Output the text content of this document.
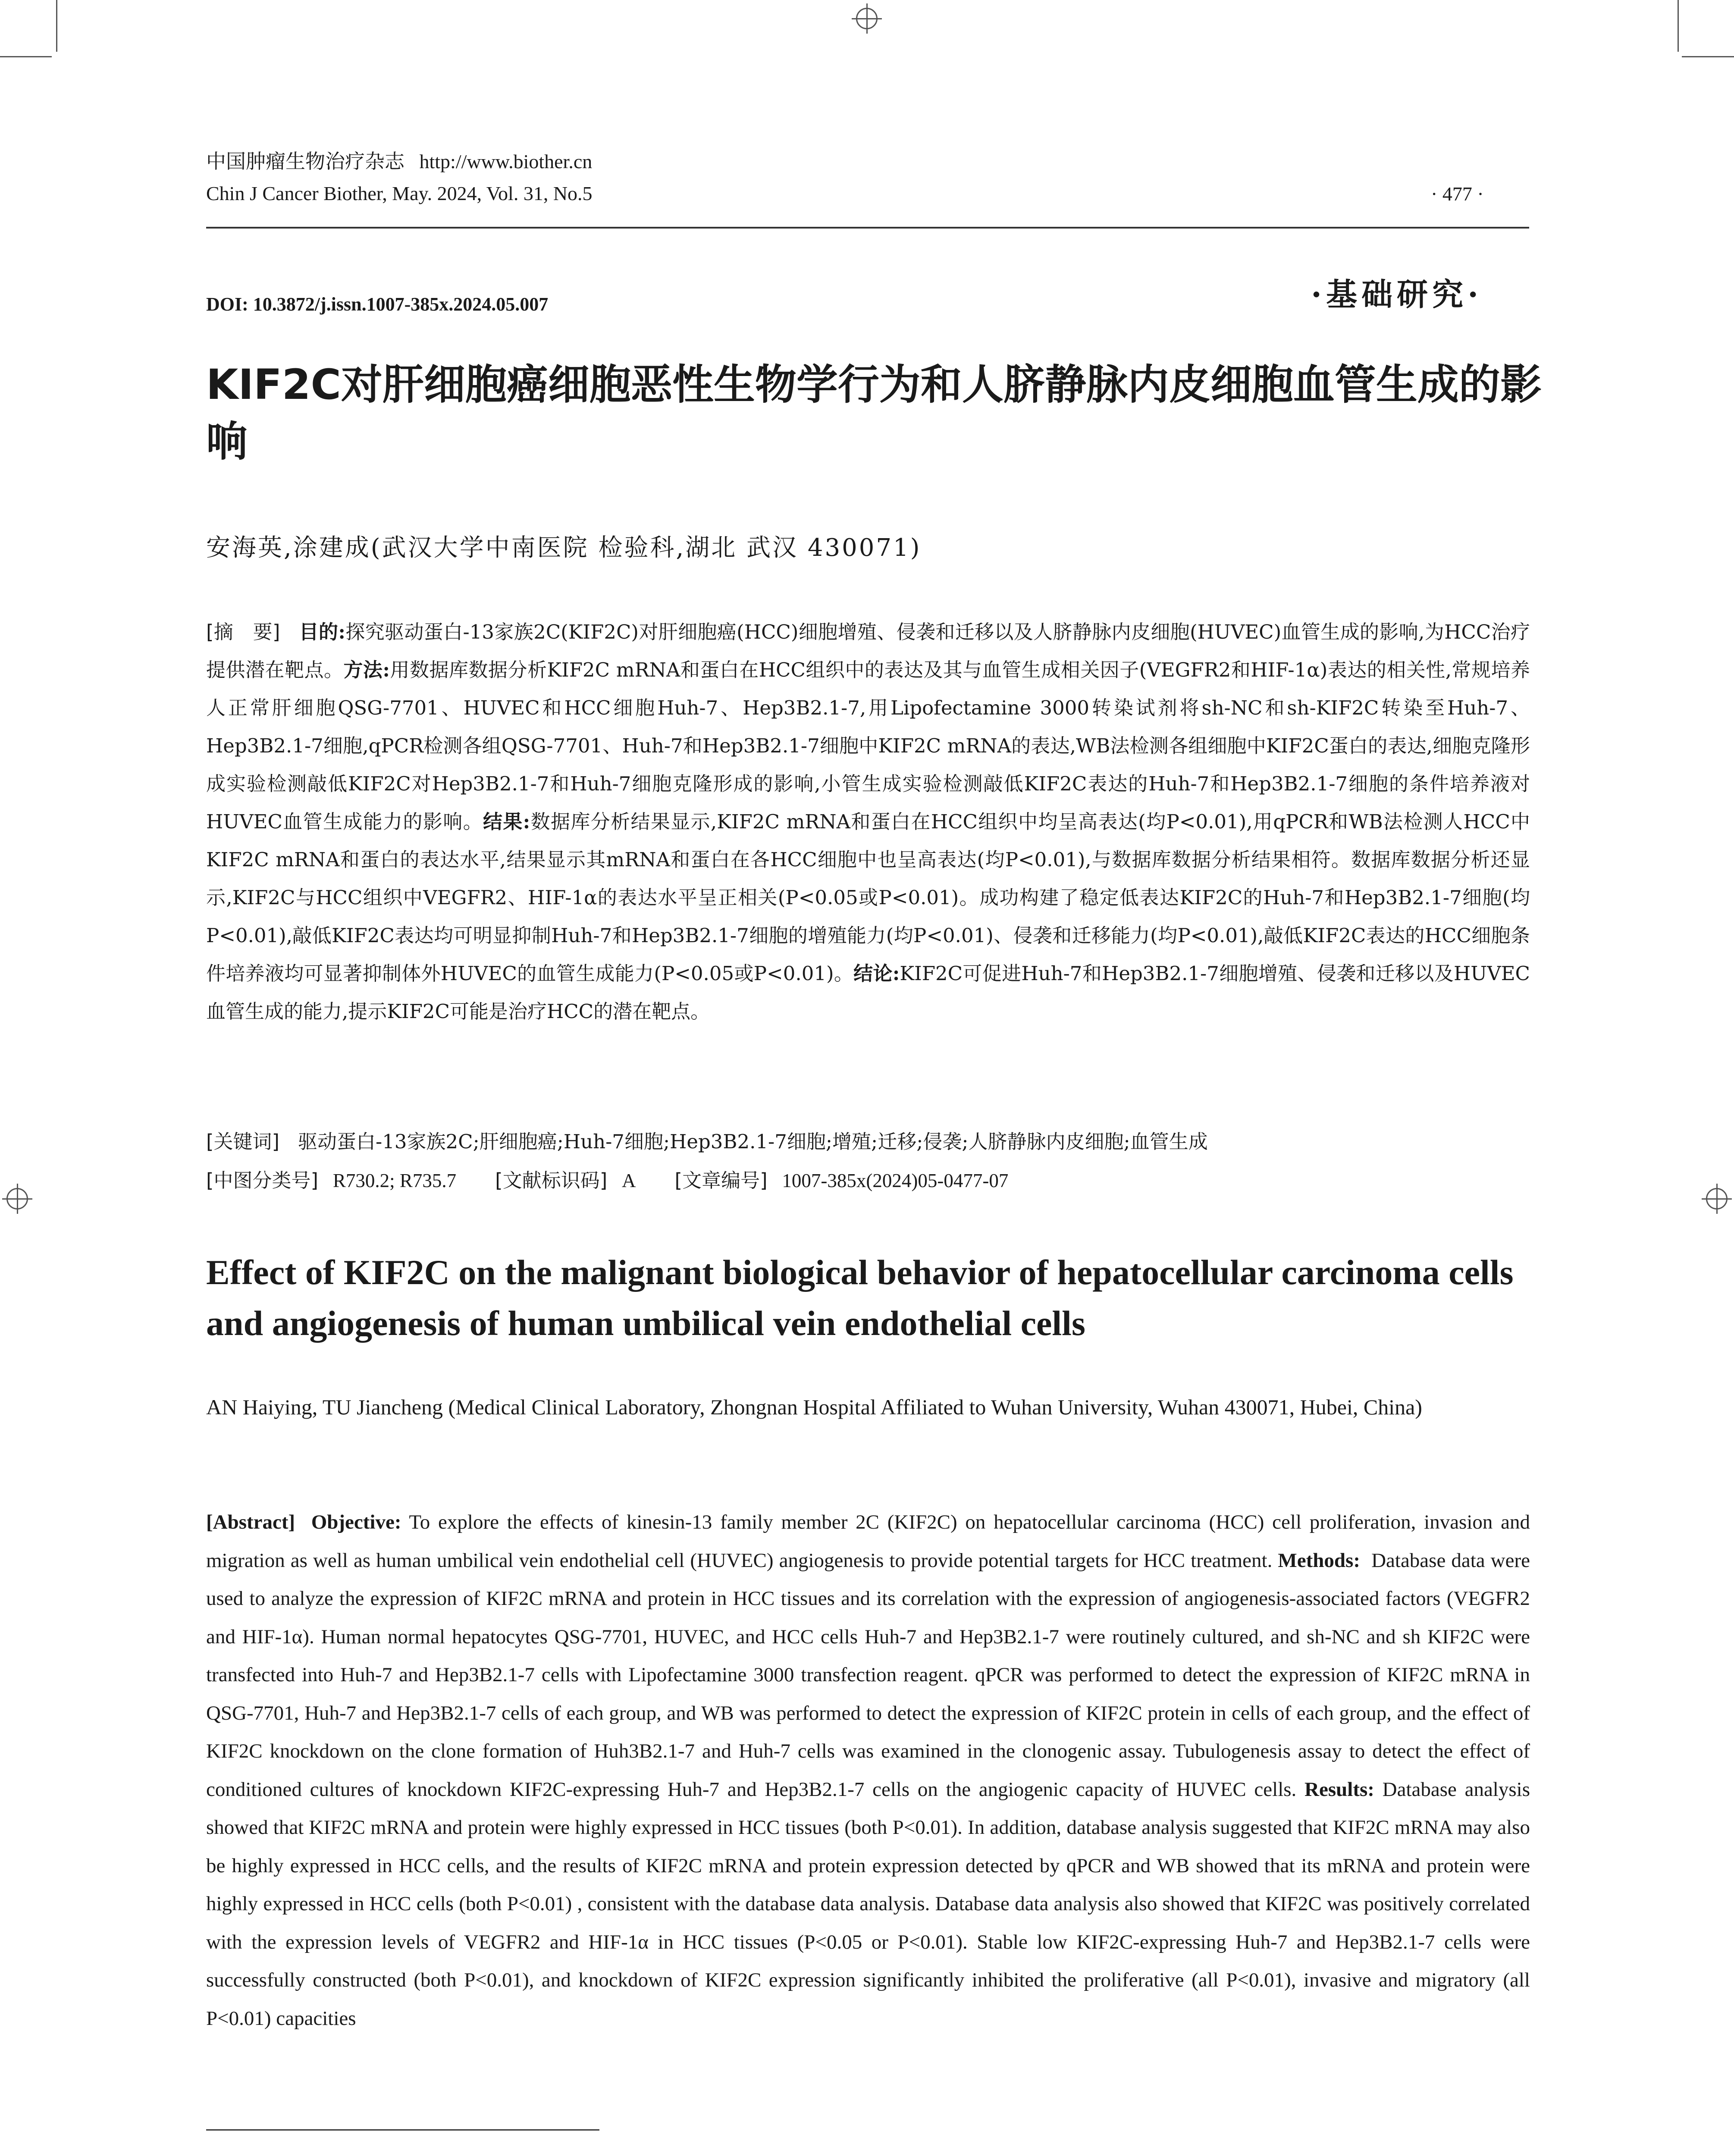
中国肿瘤生物治疗杂志 http://www.biother.cn
Chin J Cancer Biother, May. 2024, Vol. 31, No.5	· 477 ·
DOI: 10.3872/j.issn.1007-385x.2024.05.007	·基础研究·
KIF2C对肝细胞癌细胞恶性生物学行为和人脐静脉内皮细胞血管生成的影响
安海英,涂建成(武汉大学中南医院 检验科,湖北 武汉 430071)
[摘　要] 目的:探究驱动蛋白-13家族2C(KIF2C)对肝细胞癌(HCC)细胞增殖、侵袭和迁移以及人脐静脉内皮细胞(HUVEC)血管生成的影响,为HCC治疗提供潜在靶点。方法:用数据库数据分析KIF2C mRNA和蛋白在HCC组织中的表达及其与血管生成相关因子(VEGFR2和HIF-1α)表达的相关性,常规培养人正常肝细胞QSG-7701、HUVEC和HCC细胞Huh-7、Hep3B2.1-7,用Lipofectamine 3000转染试剂将sh-NC和sh-KIF2C转染至Huh-7、Hep3B2.1-7细胞,qPCR检测各组QSG-7701、Huh-7和Hep3B2.1-7细胞中KIF2C mRNA的表达,WB法检测各组细胞中KIF2C蛋白的表达,细胞克隆形成实验检测敲低KIF2C对Hep3B2.1-7和Huh-7细胞克隆形成的影响,小管生成实验检测敲低KIF2C表达的Huh-7和Hep3B2.1-7细胞的条件培养液对HUVEC血管生成能力的影响。结果:数据库分析结果显示,KIF2C mRNA和蛋白在HCC组织中均呈高表达(均P<0.01),用qPCR和WB法检测人HCC中KIF2C mRNA和蛋白的表达水平,结果显示其mRNA和蛋白在各HCC细胞中也呈高表达(均P<0.01),与数据库数据分析结果相符。数据库数据分析还显示,KIF2C与HCC组织中VEGFR2、HIF-1α的表达水平呈正相关(P<0.05或P<0.01)。成功构建了稳定低表达KIF2C的Huh-7和Hep3B2.1-7细胞(均P<0.01),敲低KIF2C表达均可明显抑制Huh-7和Hep3B2.1-7细胞的增殖能力(均P<0.01)、侵袭和迁移能力(均P<0.01),敲低KIF2C表达的HCC细胞条件培养液均可显著抑制体外HUVEC的血管生成能力(P<0.05或P<0.01)。结论:KIF2C可促进Huh-7和Hep3B2.1-7细胞增殖、侵袭和迁移以及HUVEC血管生成的能力,提示KIF2C可能是治疗HCC的潜在靶点。
[关键词] 驱动蛋白-13家族2C;肝细胞癌;Huh-7细胞;Hep3B2.1-7细胞;增殖;迁移;侵袭;人脐静脉内皮细胞;血管生成
[中图分类号] R730.2; R735.7 [文献标识码] A [文章编号] 1007-385x(2024)05-0477-07
Effect of KIF2C on the malignant biological behavior of hepatocellular carcinoma cells and angiogenesis of human umbilical vein endothelial cells
AN Haiying, TU Jiancheng (Medical Clinical Laboratory, Zhongnan Hospital Affiliated to Wuhan University, Wuhan 430071, Hubei, China)
[Abstract] Objective: To explore the effects of kinesin-13 family member 2C (KIF2C) on hepatocellular carcinoma (HCC) cell proliferation, invasion and migration as well as human umbilical vein endothelial cell (HUVEC) angiogenesis to provide potential targets for HCC treatment. Methods: Database data were used to analyze the expression of KIF2C mRNA and protein in HCC tissues and its correlation with the expression of angiogenesis-associated factors (VEGFR2 and HIF-1α). Human normal hepatocytes QSG-7701, HUVEC, and HCC cells Huh-7 and Hep3B2.1-7 were routinely cultured, and sh-NC and sh KIF2C were transfected into Huh-7 and Hep3B2.1-7 cells with Lipofectamine 3000 transfection reagent. qPCR was performed to detect the expression of KIF2C mRNA in QSG-7701, Huh-7 and Hep3B2.1-7 cells of each group, and WB was performed to detect the expression of KIF2C protein in cells of each group, and the effect of KIF2C knockdown on the clone formation of Huh3B2.1-7 and Huh-7 cells was examined in the clonogenic assay. Tubulogenesis assay to detect the effect of conditioned cultures of knockdown KIF2C-expressing Huh-7 and Hep3B2.1-7 cells on the angiogenic capacity of HUVEC cells. Results: Database analysis showed that KIF2C mRNA and protein were highly expressed in HCC tissues (both P<0.01). In addition, database analysis suggested that KIF2C mRNA may also be highly expressed in HCC cells, and the results of KIF2C mRNA and protein expression detected by qPCR and WB showed that its mRNA and protein were highly expressed in HCC cells (both P<0.01) , consistent with the database data analysis. Database data analysis also showed that KIF2C was positively correlated with the expression levels of VEGFR2 and HIF-1α in HCC tissues (P<0.05 or P<0.01). Stable low KIF2C-expressing Huh-7 and Hep3B2.1-7 cells were successfully constructed (both P<0.01), and knockdown of KIF2C expression significantly inhibited the proliferative (all P<0.01), invasive and migratory (all P<0.01) capacities
